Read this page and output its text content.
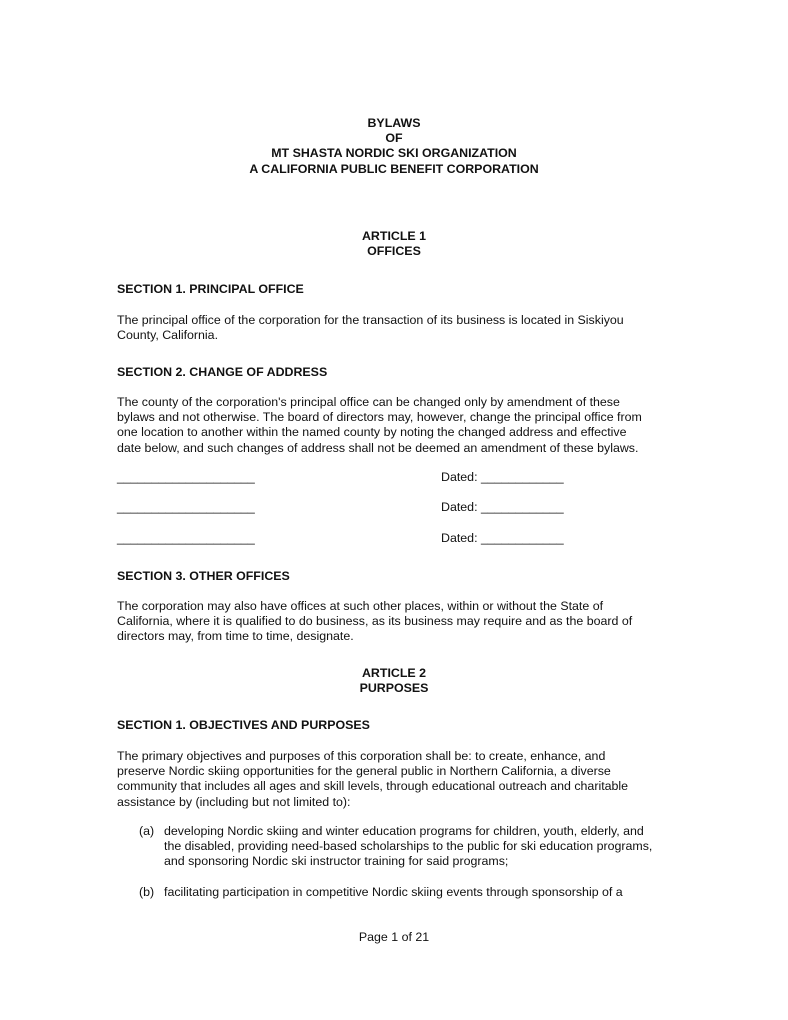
BYLAWS
OF
MT SHASTA NORDIC SKI ORGANIZATION
A CALIFORNIA PUBLIC BENEFIT CORPORATION
ARTICLE 1
OFFICES
SECTION 1. PRINCIPAL OFFICE
The principal office of the corporation for the transaction of its business is located in Siskiyou
County, California.
SECTION 2. CHANGE OF ADDRESS
The county of the corporation's principal office can be changed only by amendment of these
bylaws and not otherwise. The board of directors may, however, change the principal office from
one location to another within the named county by noting the changed address and effective
date below, and such changes of address shall not be deemed an amendment of these bylaws.
____________________	Dated: ____________
____________________	Dated: ____________
____________________	Dated: ____________
SECTION 3. OTHER OFFICES
The corporation may also have offices at such other places, within or without the State of
California, where it is qualified to do business, as its business may require and as the board of
directors may, from time to time, designate.
ARTICLE 2
PURPOSES
SECTION 1. OBJECTIVES AND PURPOSES
The primary objectives and purposes of this corporation shall be: to create, enhance, and
preserve Nordic skiing opportunities for the general public in Northern California, a diverse
community that includes all ages and skill levels, through educational outreach and charitable
assistance by (including but not limited to):
(a) developing Nordic skiing and winter education programs for children, youth, elderly, and
the disabled, providing need-based scholarships to the public for ski education programs,
and sponsoring Nordic ski instructor training for said programs;
(b) facilitating participation in competitive Nordic skiing events through sponsorship of a
Page 1 of 21
